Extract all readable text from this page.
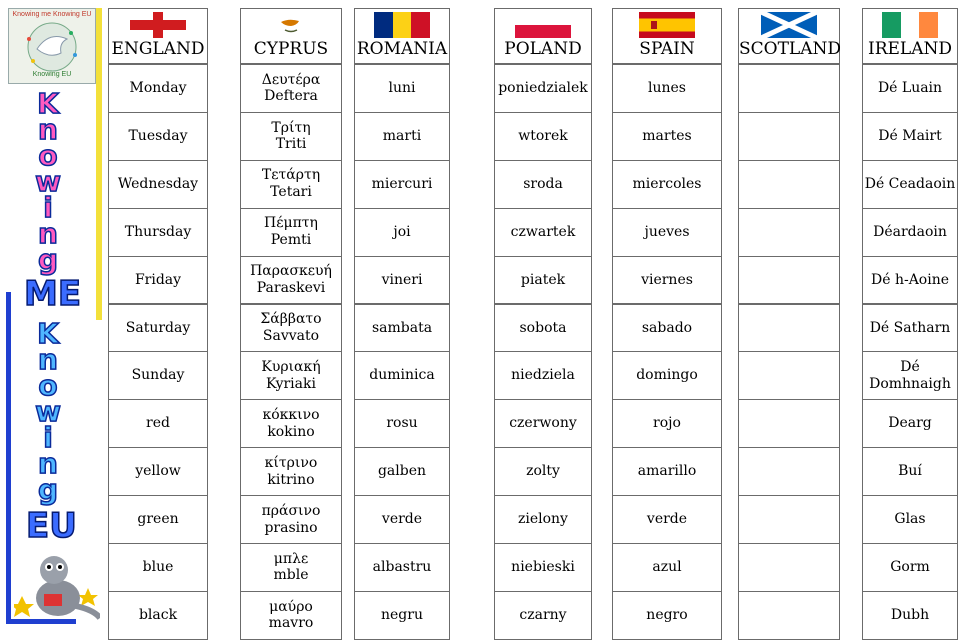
Knowing me Knowing EU
Knowing EU
K
n
o
w
i
n
g
ME
K
n
o
w
i
n
g
EU
ENGLAND
Monday
Tuesday
Wednesday
Thursday
Friday
Saturday
Sunday
red
yellow
green
blue
black
CYPRUS
Δευτέρα
Deftera
Τρίτη
Triti
Τετάρτη
Tetari
Πέμπτη
Pemti
Παρασκευή
Paraskevi
Σάββατο
Savvato
Κυριακή
Kyriaki
κόκκινο
kokino
κίτρινο
kitrino
πράσινο
prasino
μπλε
mble
μαύρο
mavro
ROMANIA
luni
marti
miercuri
joi
vineri
sambata
duminica
rosu
galben
verde
albastru
negru
POLAND
poniedzialek
wtorek
sroda
czwartek
piatek
sobota
niedziela
czerwony
zolty
zielony
niebieski
czarny
SPAIN
lunes
martes
miercoles
jueves
viernes
sabado
domingo
rojo
amarillo
verde
azul
negro
SCOTLAND IRELAND
Dé Luain
Dé Mairt
Dé Ceadaoin
Déardaoin
Dé h-Aoine
Dé Satharn
Dé
Domhnaigh
Dearg
Buí
Glas
Gorm
Dubh
